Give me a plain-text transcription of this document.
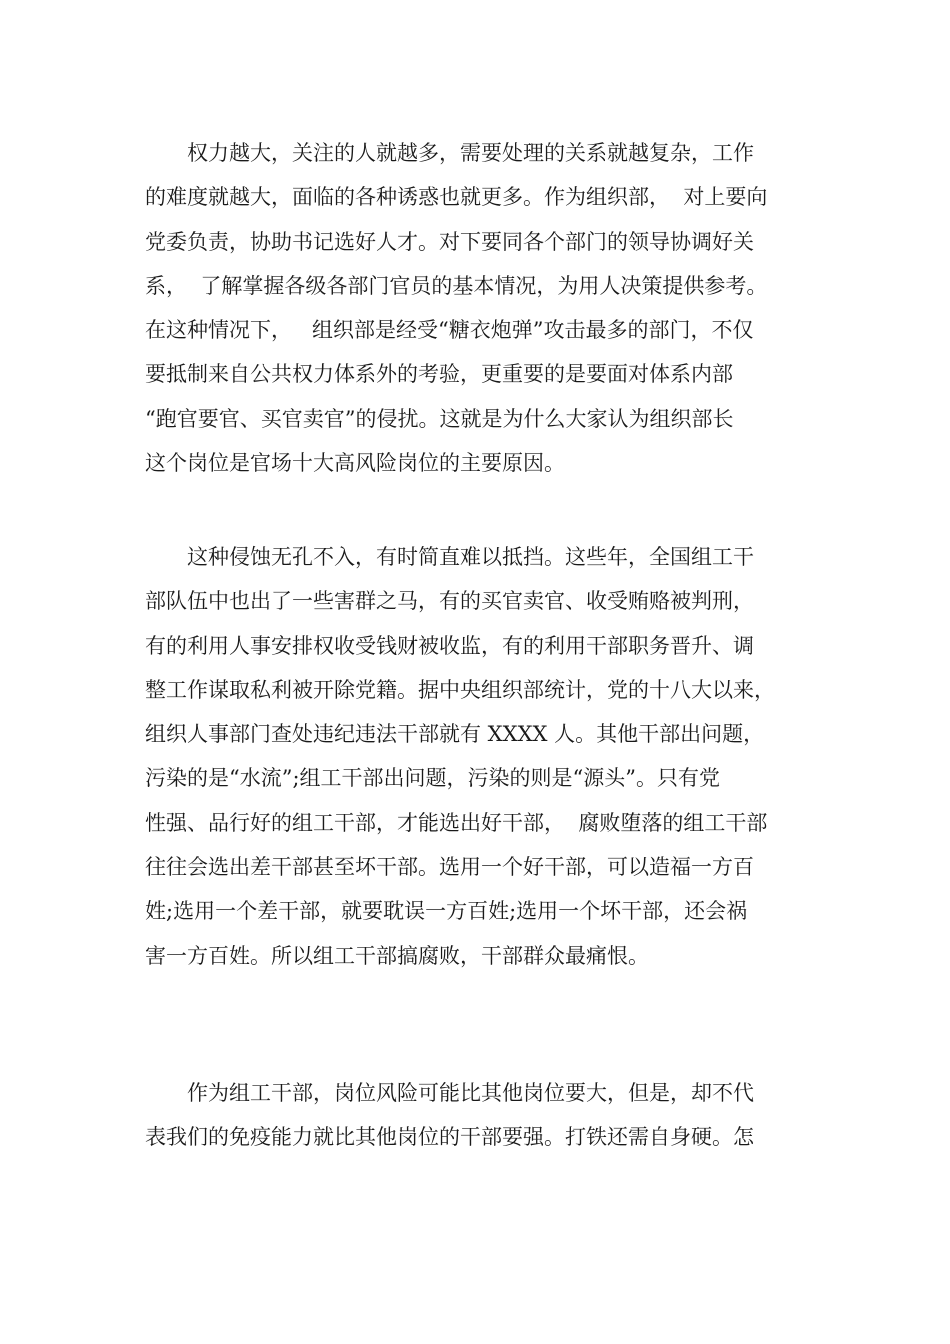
权力越大，关注的人就越多，需要处理的关系就越复杂，工作
的难度就越大，面临的各种诱惑也就更多。作为组织部，  对上要向
党委负责，协助书记选好人才。对下要同各个部门的领导协调好关
系，  了解掌握各级各部门官员的基本情况，为用人决策提供参考。
在这种情况下，   组织部是经受“糖衣炮弹”攻击最多的部门，不仅
要抵制来自公共权力体系外的考验，更重要的是要面对体系内部
“跑官要官、买官卖官”的侵扰。这就是为什么大家认为组织部长
这个岗位是官场十大高风险岗位的主要原因。
这种侵蚀无孔不入，有时简直难以抵挡。这些年，全国组工干
部队伍中也出了一些害群之马，有的买官卖官、收受贿赂被判刑，
有的利用人事安排权收受钱财被收监，有的利用干部职务晋升、调
整工作谋取私利被开除党籍。据中央组织部统计，党的十八大以来，
组织人事部门查处违纪违法干部就有 XXXX 人。其他干部出问题，
污染的是“水流”;组工干部出问题，污染的则是“源头”。只有党
性强、品行好的组工干部，才能选出好干部，  腐败堕落的组工干部
往往会选出差干部甚至坏干部。选用一个好干部，可以造福一方百
姓;选用一个差干部，就要耽误一方百姓;选用一个坏干部，还会祸
害一方百姓。所以组工干部搞腐败，干部群众最痛恨。
作为组工干部，岗位风险可能比其他岗位要大，但是，却不代
表我们的免疫能力就比其他岗位的干部要强。打铁还需自身硬。怎
